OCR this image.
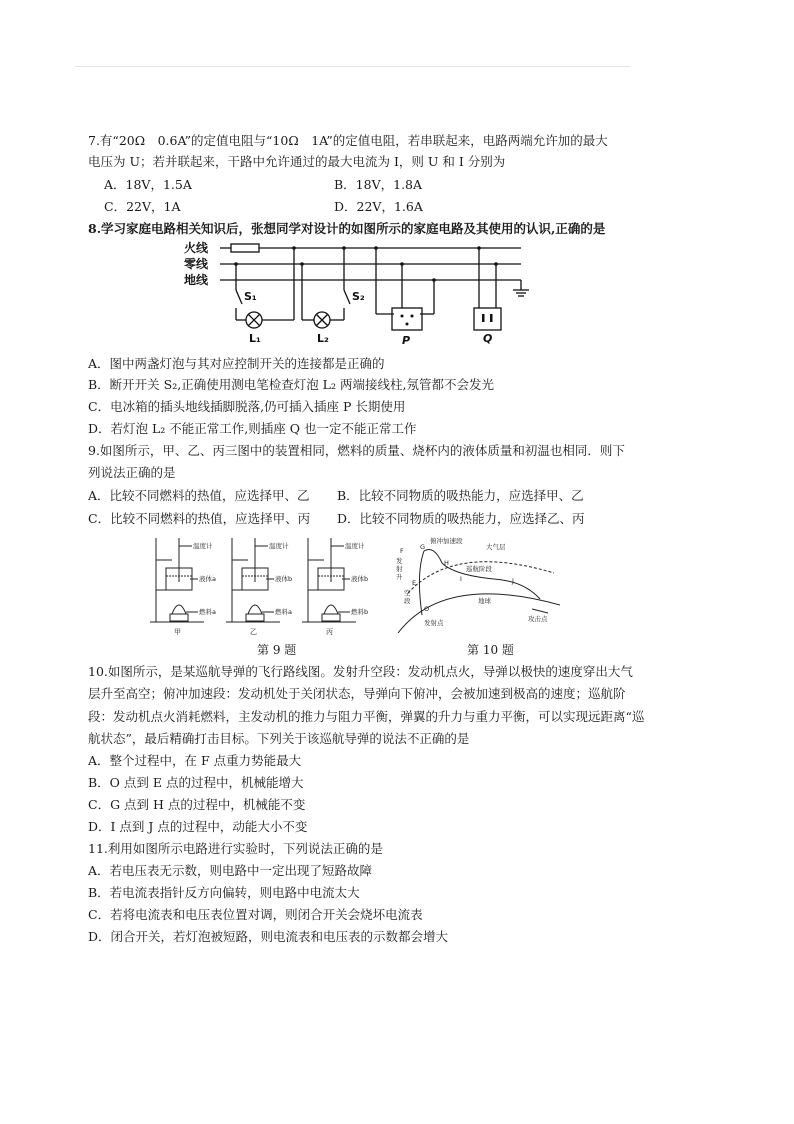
7.有“20Ω　0.6A”的定值电阻与“10Ω　1A”的定值电阻，若串联起来，电路两端允许加的最大
电压为 U；若并联起来，干路中允许通过的最大电流为 I，则 U 和 I 分别为
A．18V，1.5A	B．18V，1.8A
C．22V，1A	D．22V，1.6A
8.学习家庭电路相关知识后，张想同学对设计的如图所示的家庭电路及其使用的认识,正确的是
火线
零线
地线
S₁	S₂
L₁	L₂	P	Q
A．图中两盏灯泡与其对应控制开关的连接都是正确的
B．断开开关 S₂,正确使用测电笔检查灯泡 L₂ 两端接线柱,氖管都不会发光
C．电冰箱的插头地线插脚脱落,仍可插入插座 P 长期使用
D．若灯泡 L₂ 不能正常工作,则插座 Q 也一定不能正常工作
9.如图所示，甲、乙、丙三图中的装置相同，燃料的质量、烧杯内的液体质量和初温也相同．则下
列说法正确的是
A．比较不同燃料的热值，应选择甲、乙 B．比较不同物质的吸热能力，应选择甲、乙
C．比较不同燃料的热值，应选择甲、丙 D．比较不同物质的吸热能力，应选择乙、丙
温度计
液体a
燃料a
温度计
液体b
燃料a
温度计
液体b
燃料b
甲	乙	丙
第 9 题
F	G
H
E
O
I	J
俯冲加速段
大气层
巡航阶段
发射点
地球
攻击点
发射升空段
第 10 题
10.如图所示，是某巡航导弹的飞行路线图。发射升空段：发动机点火，导弹以极快的速度穿出大气
层升至高空；俯冲加速段：发动机处于关闭状态，导弹向下俯冲，会被加速到极高的速度；巡航阶
段：发动机点火消耗燃料，主发动机的推力与阻力平衡，弹翼的升力与重力平衡，可以实现远距离“巡
航状态”，最后精确打击目标。下列关于该巡航导弹的说法不正确的是
A．整个过程中，在 F 点重力势能最大
B．O 点到 E 点的过程中，机械能增大
C．G 点到 H 点的过程中，机械能不变
D．I 点到 J 点的过程中，动能大小不变
11.利用如图所示电路进行实验时，下列说法正确的是
A．若电压表无示数，则电路中一定出现了短路故障
B．若电流表指针反方向偏转，则电路中电流太大
C．若将电流表和电压表位置对调，则闭合开关会烧坏电流表
D．闭合开关，若灯泡被短路，则电流表和电压表的示数都会增大
